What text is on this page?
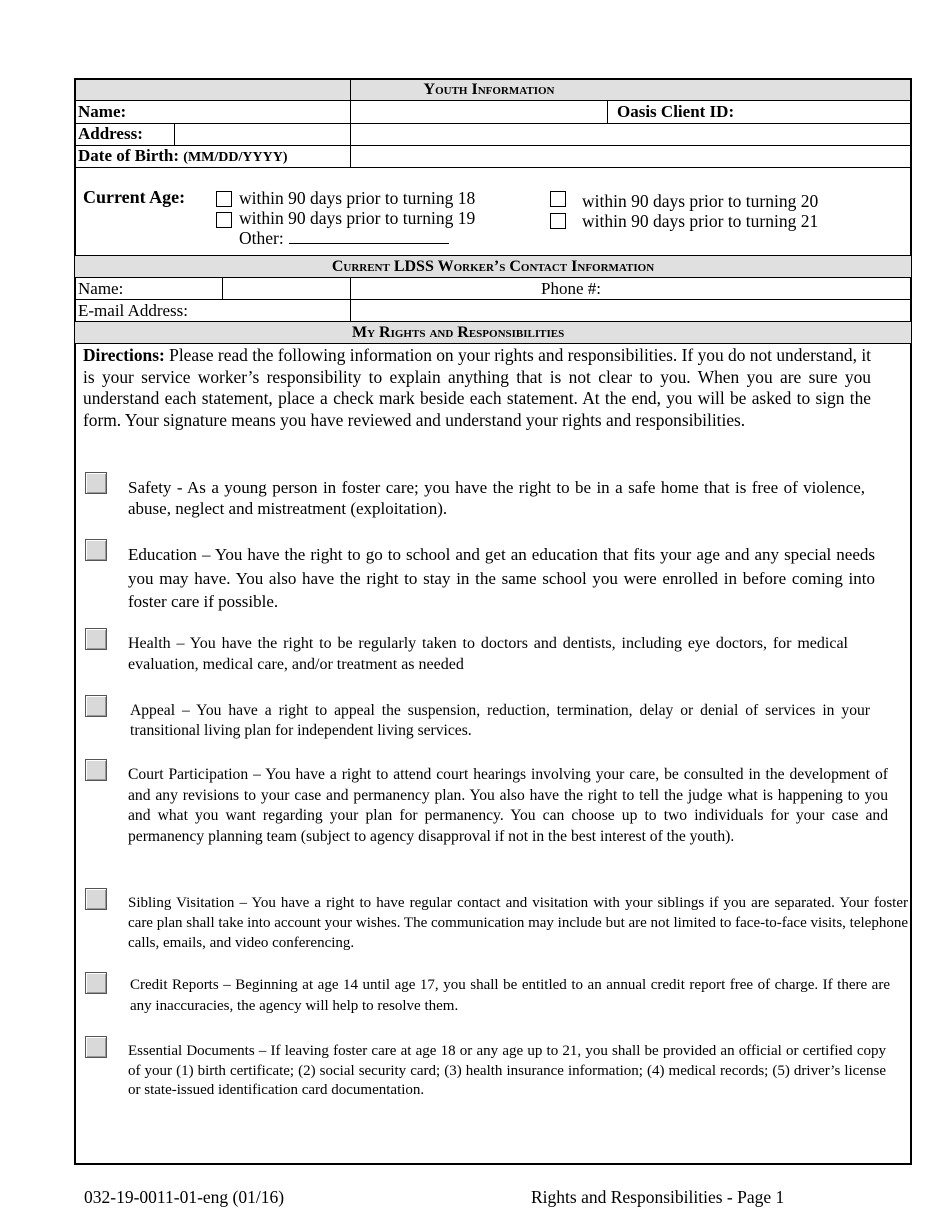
Youth Information
Name:	Oasis Client ID:
Address:
Date of Birth: (MM/DD/YYYY)
Current Age:	within 90 days prior to turning 18
within 90 days prior to turning 19
Other:
within 90 days prior to turning 20
within 90 days prior to turning 21
Current LDSS Worker’s Contact Information
Name:	Phone #:
E-mail Address:
My Rights and Responsibilities
Directions: Please read the following information on your rights and responsibilities. If you do not understand, it is your service worker’s responsibility to explain anything that is not clear to you. When you are sure you understand each statement, place a check mark beside each statement. At the end, you will be asked to sign the form. Your signature means you have reviewed and understand your rights and responsibilities.
Safety - As a young person in foster care; you have the right to be in a safe home that is free of violence, abuse, neglect and mistreatment (exploitation).
Education – You have the right to go to school and get an education that fits your age and any special needs you may have. You also have the right to stay in the same school you were enrolled in before coming into foster care if possible.
Health – You have the right to be regularly taken to doctors and dentists, including eye doctors, for medical evaluation, medical care, and/or treatment as needed
Appeal – You have a right to appeal the suspension, reduction, termination, delay or denial of services in your transitional living plan for independent living services.
Court Participation – You have a right to attend court hearings involving your care, be consulted in the development of and any revisions to your case and permanency plan. You also have the right to tell the judge what is happening to you and what you want regarding your plan for permanency. You can choose up to two individuals for your case and permanency planning team (subject to agency disapproval if not in the best interest of the youth).
Sibling Visitation – You have a right to have regular contact and visitation with your siblings if you are separated. Your foster care plan shall take into account your wishes. The communication may include but are not limited to face-to-face visits, telephone calls, emails, and video conferencing.
Credit Reports – Beginning at age 14 until age 17, you shall be entitled to an annual credit report free of charge. If there are any inaccuracies, the agency will help to resolve them.
Essential Documents – If leaving foster care at age 18 or any age up to 21, you shall be provided an official or certified copy of your (1) birth certificate; (2) social security card; (3) health insurance information; (4) medical records; (5) driver’s license or state-issued identification card documentation.
032-19-0011-01-eng (01/16)	Rights and Responsibilities - Page 1
